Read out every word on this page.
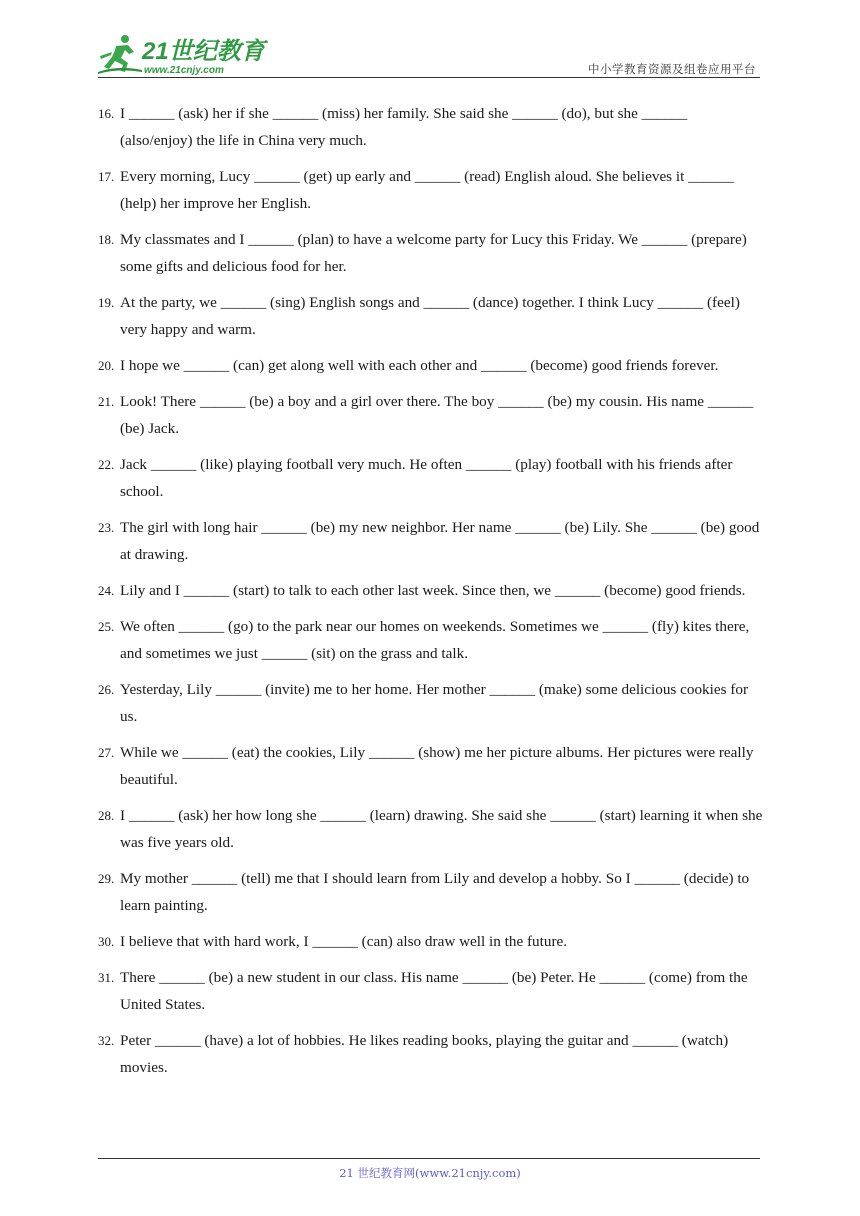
21世纪教育
www.21cnjy.com	中小学教育资源及组卷应用平台
16. I ______ (ask) her if she ______ (miss) her family. She said she ______ (do), but she ______ (also/enjoy) the life in China very much.
17. Every morning, Lucy ______ (get) up early and ______ (read) English aloud. She believes it ______ (help) her improve her English.
18. My classmates and I ______ (plan) to have a welcome party for Lucy this Friday. We ______ (prepare) some gifts and delicious food for her.
19. At the party, we ______ (sing) English songs and ______ (dance) together. I think Lucy ______ (feel) very happy and warm.
20. I hope we ______ (can) get along well with each other and ______ (become) good friends forever.
21. Look! There ______ (be) a boy and a girl over there. The boy ______ (be) my cousin. His name ______ (be) Jack.
22. Jack ______ (like) playing football very much. He often ______ (play) football with his friends after school.
23. The girl with long hair ______ (be) my new neighbor. Her name ______ (be) Lily. She ______ (be) good at drawing.
24. Lily and I ______ (start) to talk to each other last week. Since then, we ______ (become) good friends.
25. We often ______ (go) to the park near our homes on weekends. Sometimes we ______ (fly) kites there, and sometimes we just ______ (sit) on the grass and talk.
26. Yesterday, Lily ______ (invite) me to her home. Her mother ______ (make) some delicious cookies for us.
27. While we ______ (eat) the cookies, Lily ______ (show) me her picture albums. Her pictures were really beautiful.
28. I ______ (ask) her how long she ______ (learn) drawing. She said she ______ (start) learning it when she was five years old.
29. My mother ______ (tell) me that I should learn from Lily and develop a hobby. So I ______ (decide) to learn painting.
30. I believe that with hard work, I ______ (can) also draw well in the future.
31. There ______ (be) a new student in our class. His name ______ (be) Peter. He ______ (come) from the United States.
32. Peter ______ (have) a lot of hobbies. He likes reading books, playing the guitar and ______ (watch) movies.
21 世纪教育网(www.21cnjy.com)
